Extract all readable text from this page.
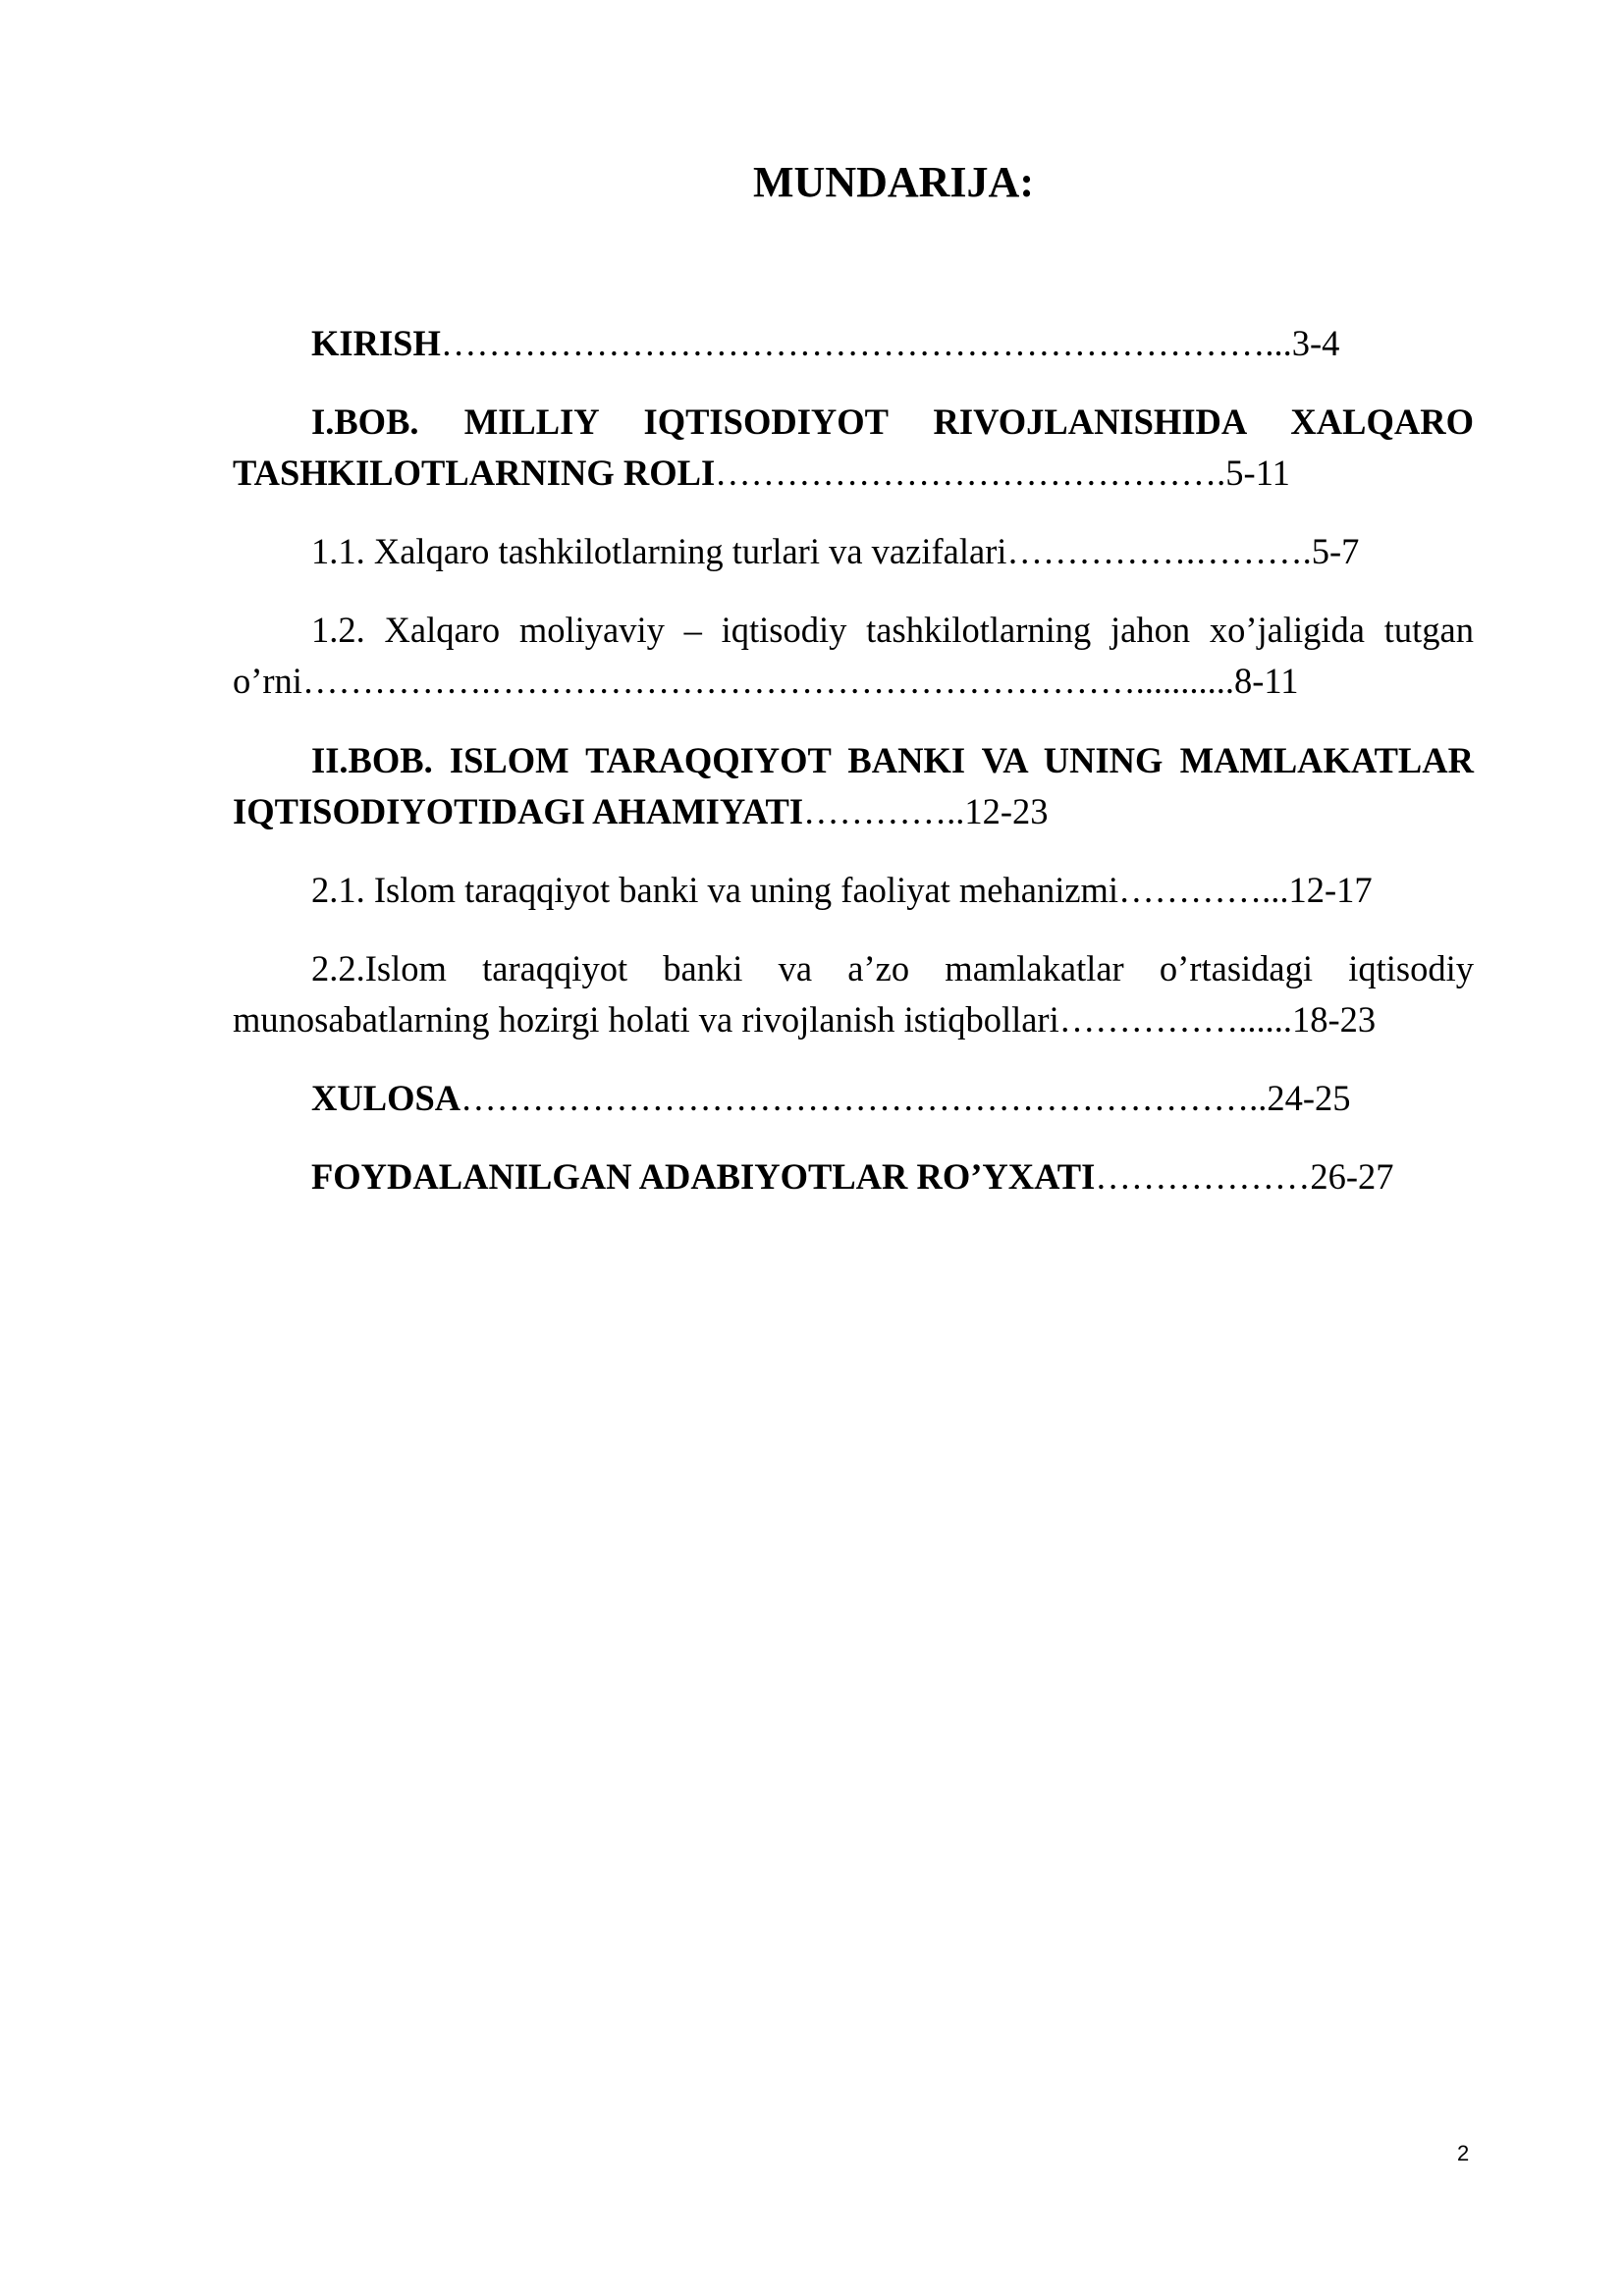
MUNDARIJA:

KIRISH……………………………………………………………...3-4

I.BOB. MILLIY IQTISODIYOT RIVOJLANISHIDA XALQARO TASHKILOTLARNING ROLI…………………………………….5-11

1.1. Xalqaro tashkilotlarning turlari va vazifalari…………….……….5-7

1.2. Xalqaro moliyaviy – iqtisodiy tashkilotlarning jahon xo’jaligida tutgan o’rni…………….………………………………………………...........8-11

II.BOB. ISLOM TARAQQIYOT BANKI VA UNING MAMLAKATLAR IQTISODIYOTIDAGI AHAMIYATI…………..12-23

2.1. Islom taraqqiyot banki va uning faoliyat mehanizmi…………...12-17

2.2.Islom taraqqiyot banki va a’zo mamlakatlar o’rtasidagi iqtisodiy munosabatlarning hozirgi holati va rivojlanish istiqbollari……………......18-23

XULOSA…………………………………………………………..24-25

FOYDALANILGAN ADABIYOTLAR RO’YXATI………………26-27

2
